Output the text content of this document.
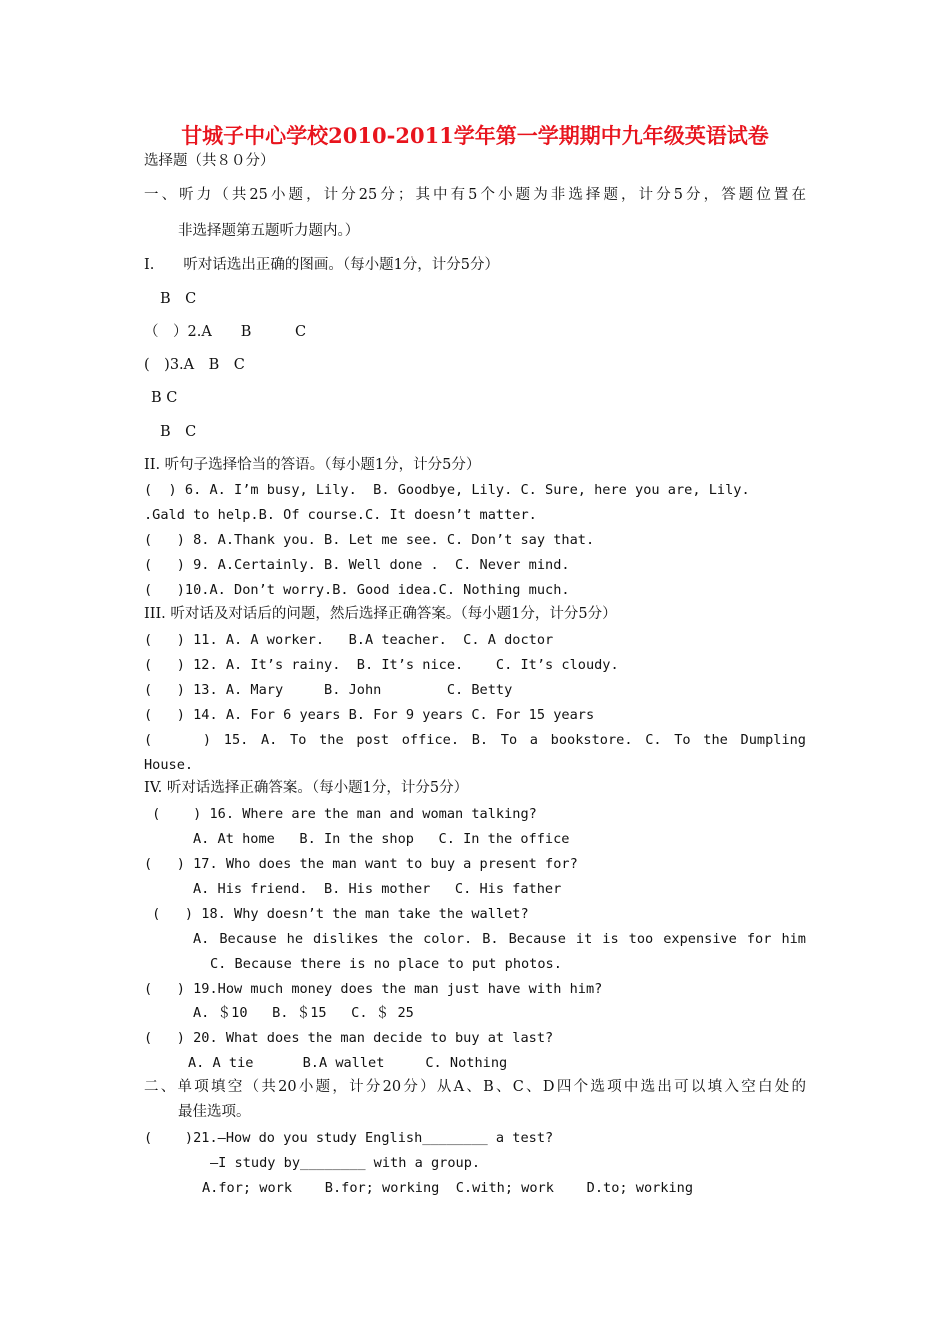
甘城子中心学校2010-2011学年第一学期期中九年级英语试卷
选择题（共８０分）
一、听力（共25小题，计分25分；其中有5个小题为非选择题，计分5分，答题位置在
非选择题第五题听力题内。）
I.　　听对话选出正确的图画。（每小题1分，计分5分）
B　C
（　）2.A　　B　　　C
(　)3.A　B　C
B C
B　C
II. 听句子选择恰当的答语。（每小题1分，计分5分）
(  ) 6. A. I’m busy, Lily.  B. Goodbye, Lily. C. Sure, here you are, Lily.
.Gald to help.B. Of course.C. It doesn’t matter.
(   ) 8. A.Thank you. B. Let me see. C. Don’t say that.
(   ) 9. A.Certainly. B. Well done .  C. Never mind.
(   )10.A. Don’t worry.B. Good idea.C. Nothing much.
III. 听对话及对话后的问题，然后选择正确答案。（每小题1分，计分5分）
(   ) 11. A. A worker.   B.A teacher.  C. A doctor
(   ) 12. A. It’s rainy.  B. It’s nice.    C. It’s cloudy.
(   ) 13. A. Mary     B. John        C. Betty
(   ) 14. A. For 6 years B. For 9 years C. For 15 years
(    ) 15. A. To the post office. B. To a bookstore. C. To the Dumpling
House.
IV. 听对话选择正确答案。（每小题1分，计分5分）
(    ) 16. Where are the man and woman talking?
A. At home   B. In the shop   C. In the office
(   ) 17. Who does the man want to buy a present for?
A. His friend.  B. His mother   C. His father
(   ) 18. Why doesn’t the man take the wallet?
A. Because he dislikes the color. B. Because it is too expensive for him
C. Because there is no place to put photos.
(   ) 19.How much money does the man just have with him?
A. ＄10   B. ＄15   C. ＄ 25
(   ) 20. What does the man decide to buy at last?
A. A tie      B.A wallet     C. Nothing
二、单项填空（共20小题，计分20分）从A、B、C、D四个选项中选出可以填入空白处的
最佳选项。
(    )21.—How do you study English________ a test?
—I study by________ with a group.
A.for; work    B.for; working  C.with; work    D.to; working
